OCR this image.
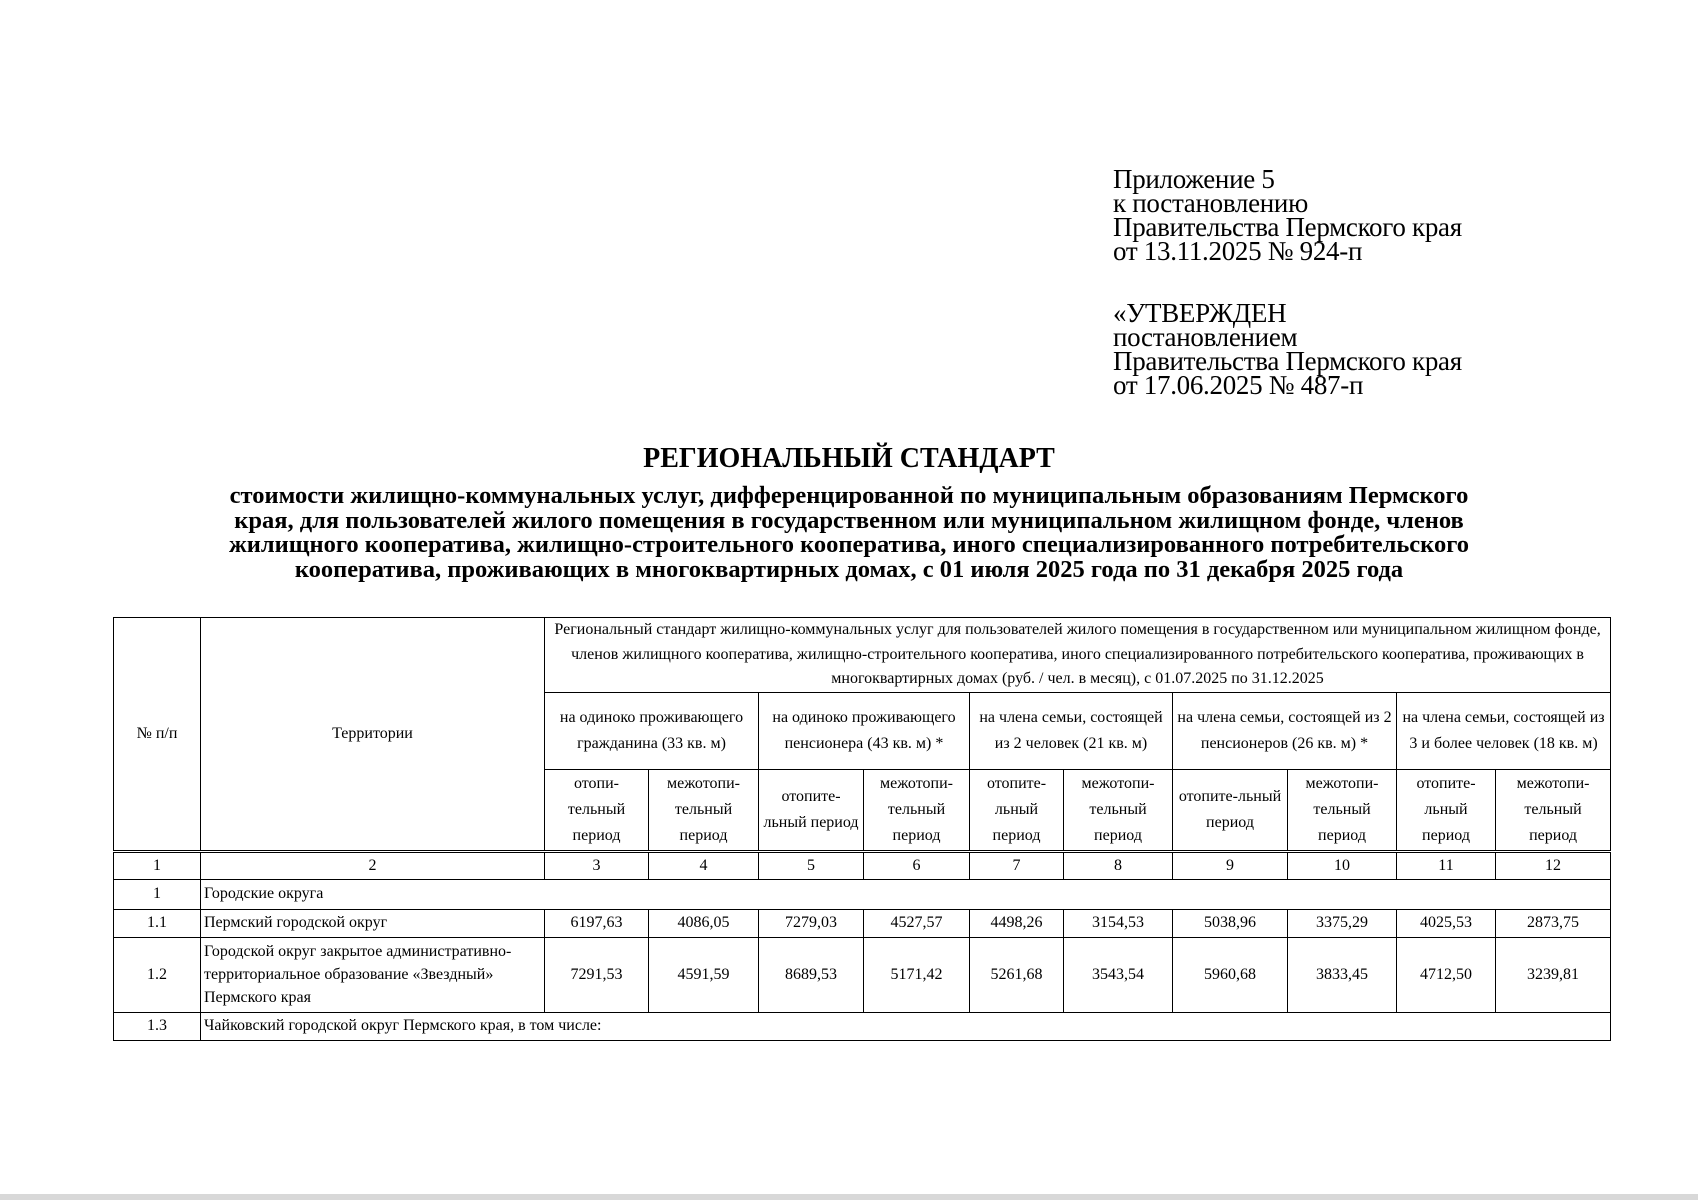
Приложение 5
к постановлению
Правительства Пермского края
от 13.11.2025 № 924-п
«УТВЕРЖДЕН
постановлением
Правительства Пермского края
от 17.06.2025 № 487-п
РЕГИОНАЛЬНЫЙ СТАНДАРТ
стоимости жилищно-коммунальных услуг, дифференцированной по муниципальным образованиям Пермского
края, для пользователей жилого помещения в государственном или муниципальном жилищном фонде, членов
жилищного кооператива, жилищно-строительного кооператива, иного специализированного потребительского
кооператива, проживающих в многоквартирных домах, с 01 июля 2025 года по 31 декабря 2025 года
№ п/п	Территории	Региональный стандарт жилищно-коммунальных услуг для пользователей жилого помещения в государственном или муниципальном жилищном фонде, членов жилищного кооператива, жилищно-строительного кооператива, иного специализированного потребительского кооператива, проживающих в многоквартирных домах (руб. / чел. в месяц), с 01.07.2025 по 31.12.2025									
		на одиноко проживающего гражданина (33 кв. м)		на одиноко проживающего пенсионера (43 кв. м) *		на члена семьи, состоящей из 2 человек (21 кв. м)		на члена семьи, состоящей из 2 пенсионеров (26 кв. м) *		на члена семьи, состоящей из 3 и более человек (18 кв. м)	
		отопи-тельный период	межотопи-тельный период	отопите-льный период	межотопи-тельный период	отопите-льный период	межотопи-тельный период	отопите-льный период	межотопи-тельный период	отопите-льный период	межотопи-тельный период
1	2	3	4	5	6	7	8	9	10	11	12
1	Городские округа										
1.1	Пермский городской округ	6197,63	4086,05	7279,03	4527,57	4498,26	3154,53	5038,96	3375,29	4025,53	2873,75
1.2	Городской округ закрытое административно-территориальное образование «Звездный» Пермского края	7291,53	4591,59	8689,53	5171,42	5261,68	3543,54	5960,68	3833,45	4712,50	3239,81
1.3	Чайковский городской округ Пермского края, в том числе:										
